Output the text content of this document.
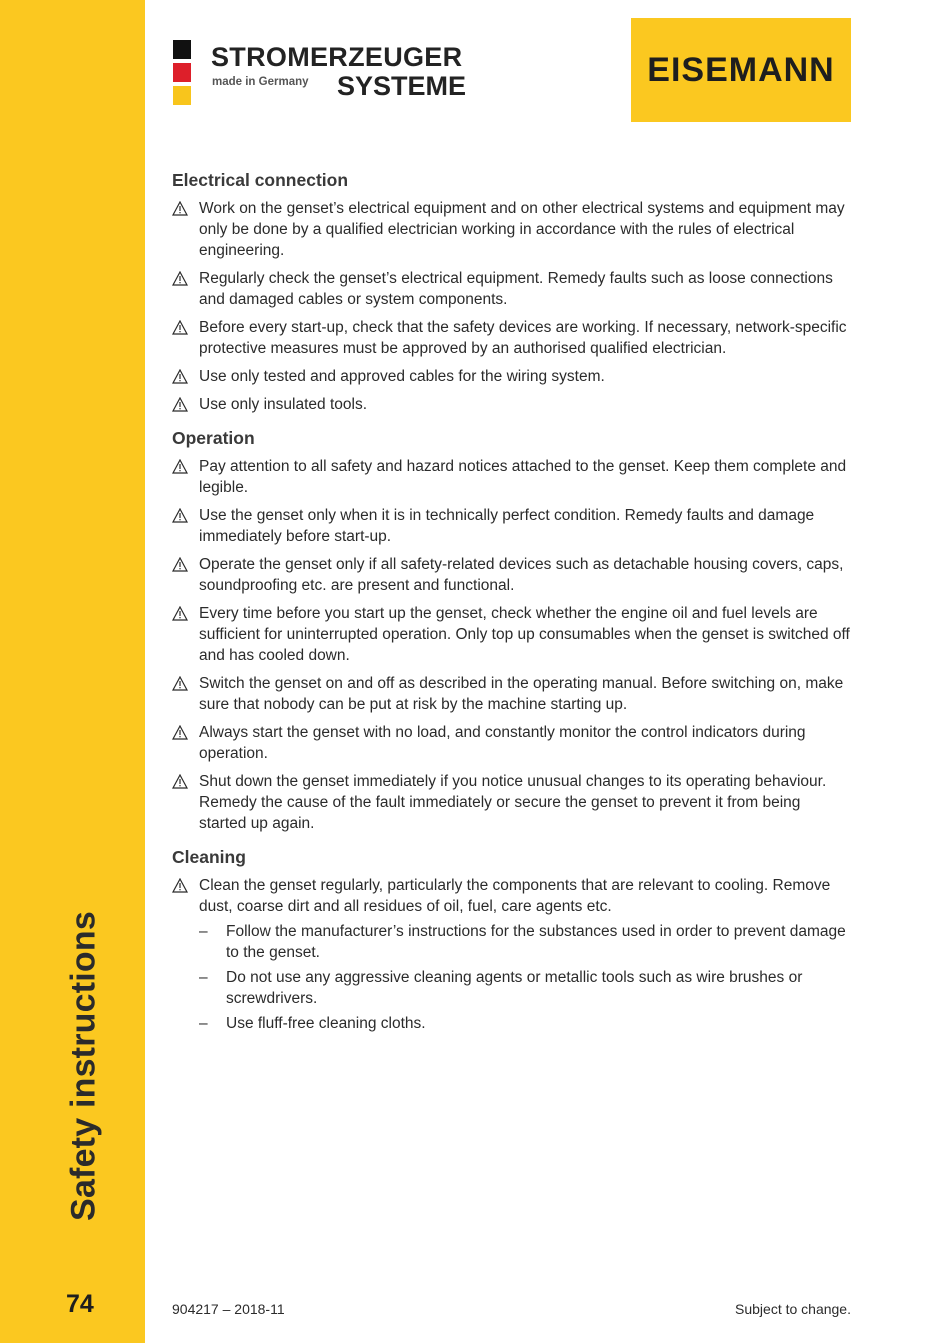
Safety instructions
74
STROMERZEUGER
made in Germany SYSTEME	EISEMANN
Electrical connection
Work on the genset’s electrical equipment and on other electrical systems and equipment may only be done by a qualified electrician working in accordance with the rules of electrical engineering.
Regularly check the genset’s electrical equipment. Remedy faults such as loose connections and damaged cables or system components.
Before every start-up, check that the safety devices are working. If necessary, network-specific protective measures must be approved by an authorised qualified electrician.
Use only tested and approved cables for the wiring system.
Use only insulated tools.
Operation
Pay attention to all safety and hazard notices attached to the genset. Keep them complete and legible.
Use the genset only when it is in technically perfect condition. Remedy faults and damage immediately before start-up.
Operate the genset only if all safety-related devices such as detachable housing covers, caps, soundproofing etc. are present and functional.
Every time before you start up the genset, check whether the engine oil and fuel levels are sufficient for uninterrupted operation. Only top up consumables when the genset is switched off and has cooled down.
Switch the genset on and off as described in the operating manual. Before switching on, make sure that nobody can be put at risk by the machine starting up.
Always start the genset with no load, and constantly monitor the control indicators during operation.
Shut down the genset immediately if you notice unusual changes to its operating behaviour. Remedy the cause of the fault immediately or secure the genset to prevent it from being started up again.
Cleaning
Clean the genset regularly, particularly the components that are relevant to cooling. Remove dust, coarse dirt and all residues of oil, fuel, care agents etc.
– Follow the manufacturer’s instructions for the substances used in order to prevent damage to the genset.
– Do not use any aggressive cleaning agents or metallic tools such as wire brushes or screwdrivers.
– Use fluff-free cleaning cloths.
904217 – 2018-11	Subject to change.
